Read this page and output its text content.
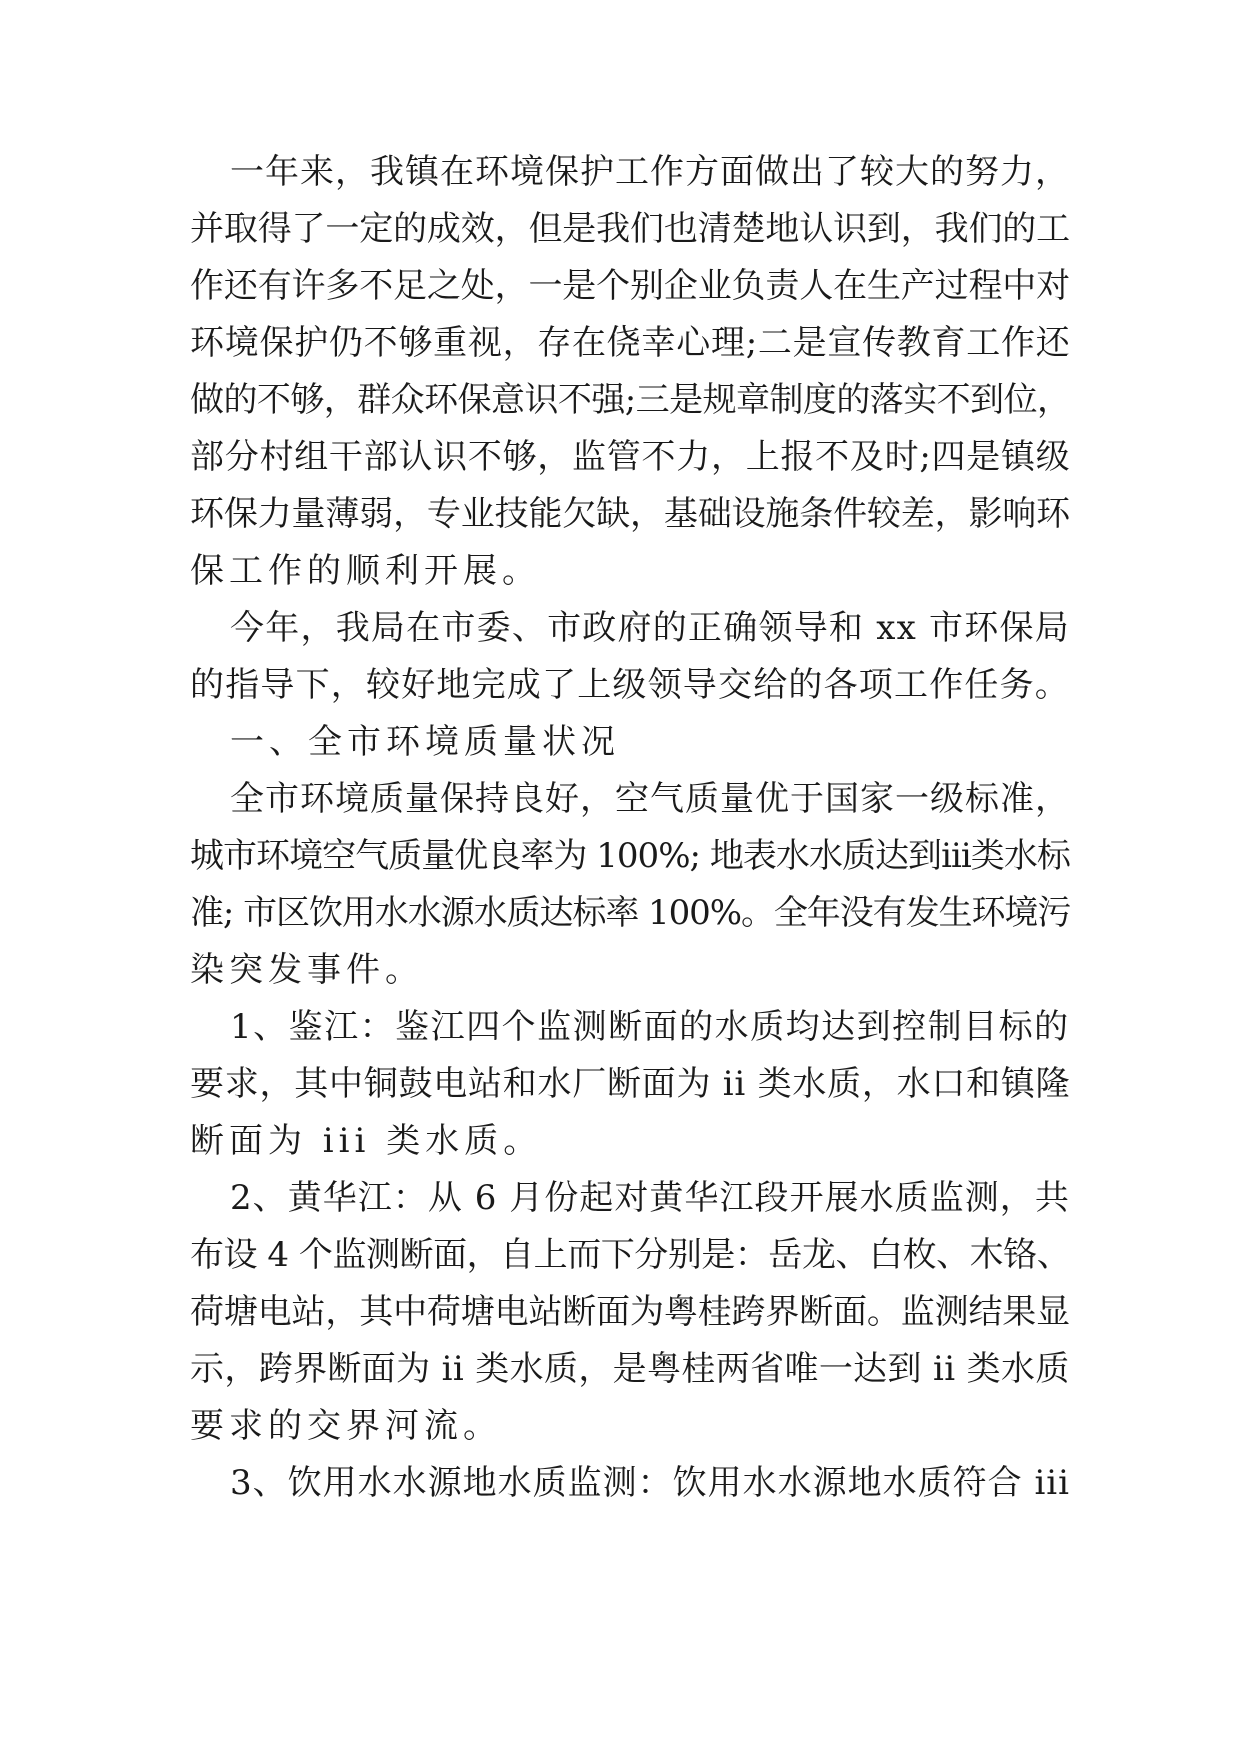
一年来，我镇在环境保护工作方面做出了较大的努力，
并取得了一定的成效，但是我们也清楚地认识到，我们的工
作还有许多不足之处，一是个别企业负责人在生产过程中对
环境保护仍不够重视，存在侥幸心理;二是宣传教育工作还
做的不够，群众环保意识不强;三是规章制度的落实不到位，
部分村组干部认识不够，监管不力，上报不及时;四是镇级
环保力量薄弱，专业技能欠缺，基础设施条件较差，影响环
保工作的顺利开展。
今年，我局在市委、市政府的正确领导和 xx 市环保局
的指导下，较好地完成了上级领导交给的各项工作任务。
一、全市环境质量状况
全市环境质量保持良好，空气质量优于国家一级标准，
城市环境空气质量优良率为 100%; 地表水水质达到iii类水标
准; 市区饮用水水源水质达标率 100%。全年没有发生环境污
染突发事件。
1、鉴江：鉴江四个监测断面的水质均达到控制目标的
要求，其中铜鼓电站和水厂断面为 ii 类水质，水口和镇隆
断面为 iii 类水质。
2、黄华江：从 6 月份起对黄华江段开展水质监测，共
布设 4 个监测断面，自上而下分别是：岳龙、白枚、木铬、
荷塘电站，其中荷塘电站断面为粤桂跨界断面。监测结果显
示，跨界断面为 ii 类水质，是粤桂两省唯一达到 ii 类水质
要求的交界河流。
3、饮用水水源地水质监测：饮用水水源地水质符合 iii
